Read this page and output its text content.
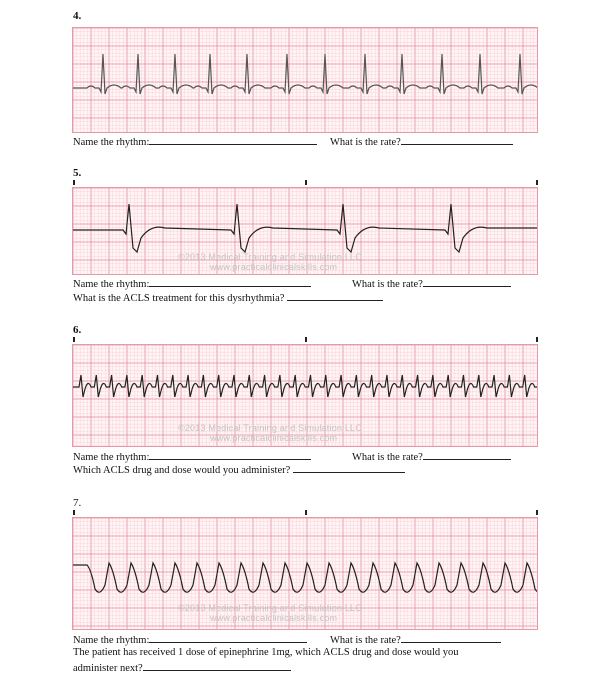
4.
Name the rhythm:	What is the rate?
5.
©2013 Medical Training and Simulation LLC
www.practicalclinicalskills.com
Name the rhythm:	What is the rate?
What is the ACLS treatment for this dysrhythmia?
6.
©2013 Medical Training and Simulation LLC
www.practicalclinicalskills.com
Name the rhythm:	What is the rate?
Which ACLS drug and dose would you administer?
7.
©2013 Medical Training and Simulation LLC
www.practicalclinicalskills.com
Name the rhythm:	What is the rate?
The patient has received 1 dose of epinephrine 1mg, which ACLS drug and dose would you
administer next?
